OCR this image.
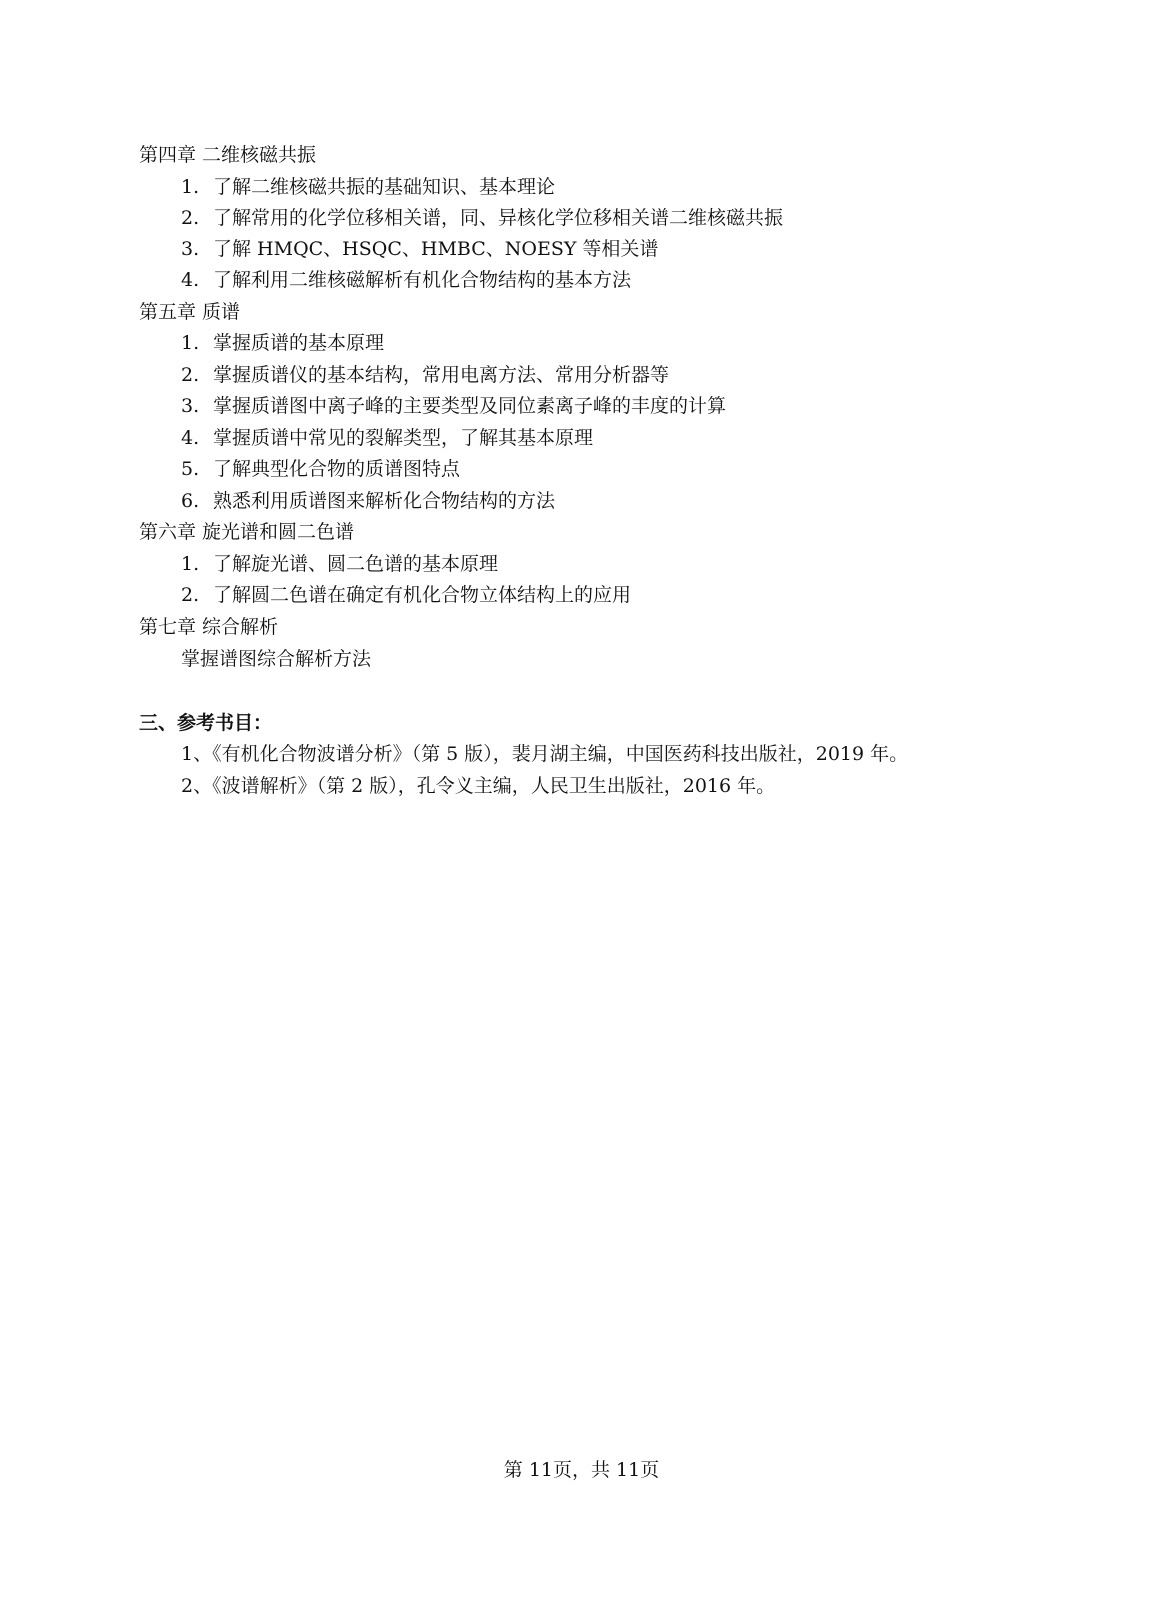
第四章 二维核磁共振
1. 了解二维核磁共振的基础知识、基本理论
2. 了解常用的化学位移相关谱，同、异核化学位移相关谱二维核磁共振
3. 了解 HMQC、HSQC、HMBC、NOESY 等相关谱
4. 了解利用二维核磁解析有机化合物结构的基本方法
第五章 质谱
1. 掌握质谱的基本原理
2. 掌握质谱仪的基本结构，常用电离方法、常用分析器等
3. 掌握质谱图中离子峰的主要类型及同位素离子峰的丰度的计算
4. 掌握质谱中常见的裂解类型，了解其基本原理
5. 了解典型化合物的质谱图特点
6. 熟悉利用质谱图来解析化合物结构的方法
第六章 旋光谱和圆二色谱
1. 了解旋光谱、圆二色谱的基本原理
2. 了解圆二色谱在确定有机化合物立体结构上的应用
第七章 综合解析
掌握谱图综合解析方法
三、参考书目：
1、《有机化合物波谱分析》（第 5 版），裴月湖主编，中国医药科技出版社，2019 年。
2、《波谱解析》（第 2 版），孔令义主编，人民卫生出版社，2016 年。
第 11页，共 11页
